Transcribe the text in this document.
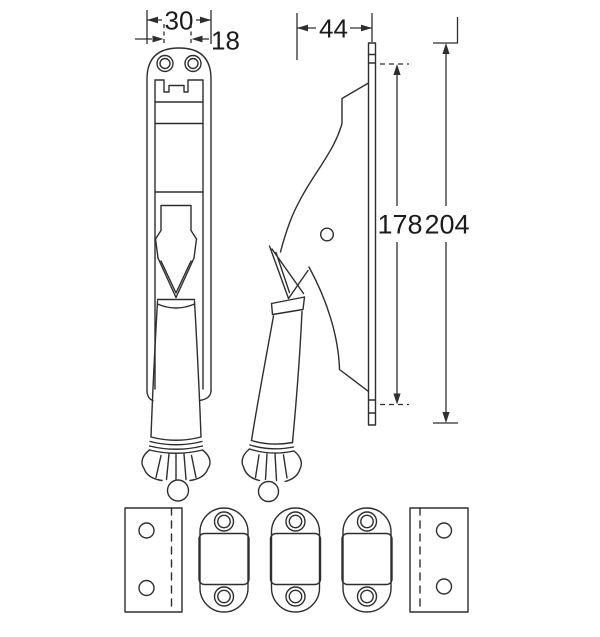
30
18	44
178 204
